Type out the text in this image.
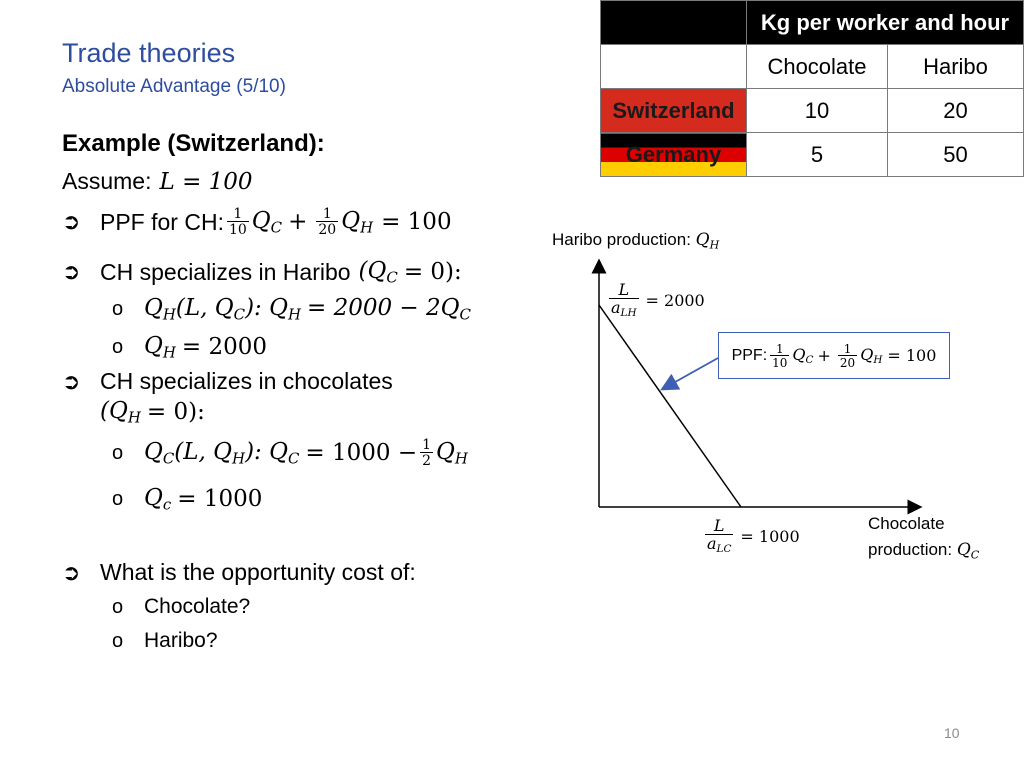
Trade theories
Absolute Advantage (5/10)
Example (Switzerland):
Assume: L = 100
➲ PPF for CH: $\frac{1}{10} Q_C + \frac{1}{20} Q_H = 100$
➲ CH specializes in Haribo $(Q_C = 0)$:
o $Q_H(L$, $Q_C$): $Q_H = 2000 - 2Q_C$
o $Q_H = 2000$
➲ CH specializes in chocolates
$(Q_H = 0)$:
o $Q_C(L$, $Q_H$): $Q_C = 1000 - \frac{1}{2} Q_H$
o $Q_c = 1000$
➲ What is the opportunity cost of:
o Chocolate?
o Haribo?
	Kg per worker and hour	
	Chocolate	Haribo
Switzerland	10	20
Germany	5	50
Haribo production: $Q_H$
$\frac{L}{a_{LH}} = 2000$
$\frac{L}{a_{LC}} = 1000$
Chocolate
production: $Q_C$
PPF: $\frac{1}{10} Q_C + \frac{1}{20} Q_H = 100$
10
